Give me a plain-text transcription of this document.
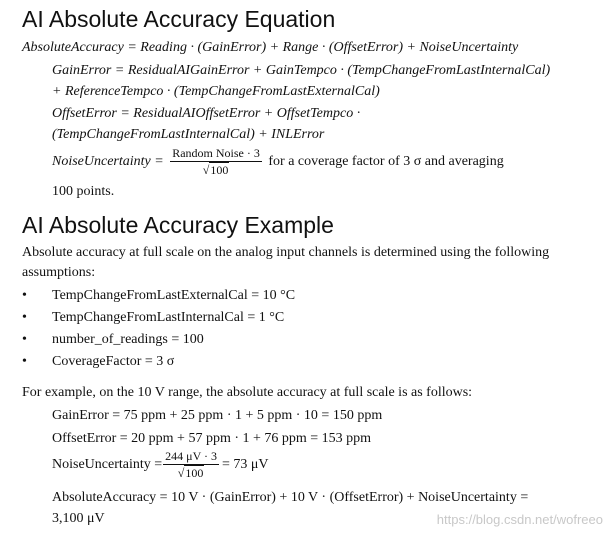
AI Absolute Accuracy Equation
AbsoluteAccuracy = Reading · (GainError) + Range · (OffsetError) + NoiseUncertainty
GainError = ResidualAIGainError + GainTempco · (TempChangeFromLastInternalCal)
+ ReferenceTempco · (TempChangeFromLastExternalCal)
OffsetError = ResidualAIOffsetError + OffsetTempco ·
(TempChangeFromLastInternalCal) + INLError
NoiseUncertainty = $\frac{\text{Random Noise · 3}}{√100}$ for a coverage factor of 3 σ and averaging
100 points.
AI Absolute Accuracy Example
Absolute accuracy at full scale on the analog input channels is determined using the following
assumptions:
• TempChangeFromLastExternalCal = 10 °C
• TempChangeFromLastInternalCal = 1 °C
• number_of_readings = 100
• CoverageFactor = 3 σ
For example, on the 10 V range, the absolute accuracy at full scale is as follows:
GainError = 75 ppm + 25 ppm · 1 + 5 ppm · 10 = 150 ppm
OffsetError = 20 ppm + 57 ppm · 1 + 76 ppm = 153 ppm
NoiseUncertainty = $\frac{244 \mu V \cdot 3}{√100} = 73$ μV
AbsoluteAccuracy = 10 V · (GainError) + 10 V · (OffsetError) + NoiseUncertainty =
3,100 μV	https://blog.csdn.net/wofreeo
